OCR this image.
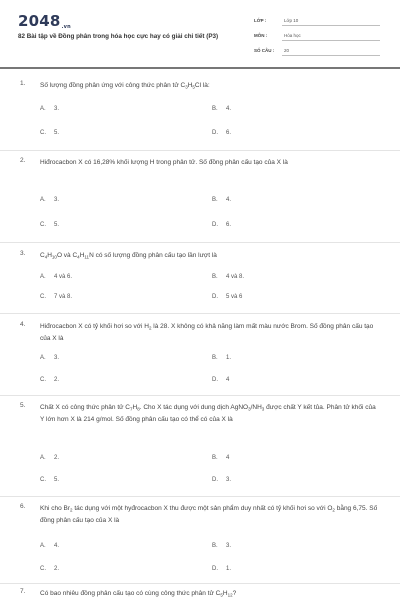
2048.vn
82 Bài tập về Đồng phân trong hóa học cực hay có giải chi tiết (P3)
LỚP :	Lớp 10
MÔN :	Hóa học
SỐ CÂU : 20
1. Số lượng đồng phân ứng với công thức phân tử $C_3H_5Cl$ là:
A. 3.	B. 4.
C. 5.	D. 6.
2. Hiđrocacbon X có 16,28% khối lượng H trong phân tử. Số đồng phân cấu tạo của X là
A. 3.	B. 4.
C. 5.	D. 6.
3. $C_4H_{10}O$ và $C_4H_{11}N$ có số lượng đồng phân cấu tạo lần lượt là
A. 4 và 6.	B. 4 và 8.
C. 7 và 8.	D. 5 và 6
4. Hiđrocacbon X có tỷ khối hơi so với $H_2$ là 28. X không có khả năng làm mất màu nước Brom. Số đồng phân cấu tạo của X là
A. 3.	B. 1.
C. 2.	D. 4
5. Chất X có công thức phân tử $C_7H_8$. Cho X tác dụng với dung dịch $AgNO_3/NH_3$ được chất Y kết tủa. Phân tử khối của Y lớn hơn X là 214 g/mol. Số đồng phân cấu tạo có thể có của X là
A. 2.	B. 4
C. 5.	D. 3.
6. Khi cho $Br_2$ tác dụng với một hyđrocacbon X thu được một sản phẩm duy nhất có tỷ khối hơi so với $O_2$ bằng 6,75. Số đồng phân cấu tạo của X là
A. 4.	B. 3.
C. 2.	D. 1.
7. Có bao nhiêu đồng phân cấu tạo có cùng công thức phân tử $C_5H_{12}$?
